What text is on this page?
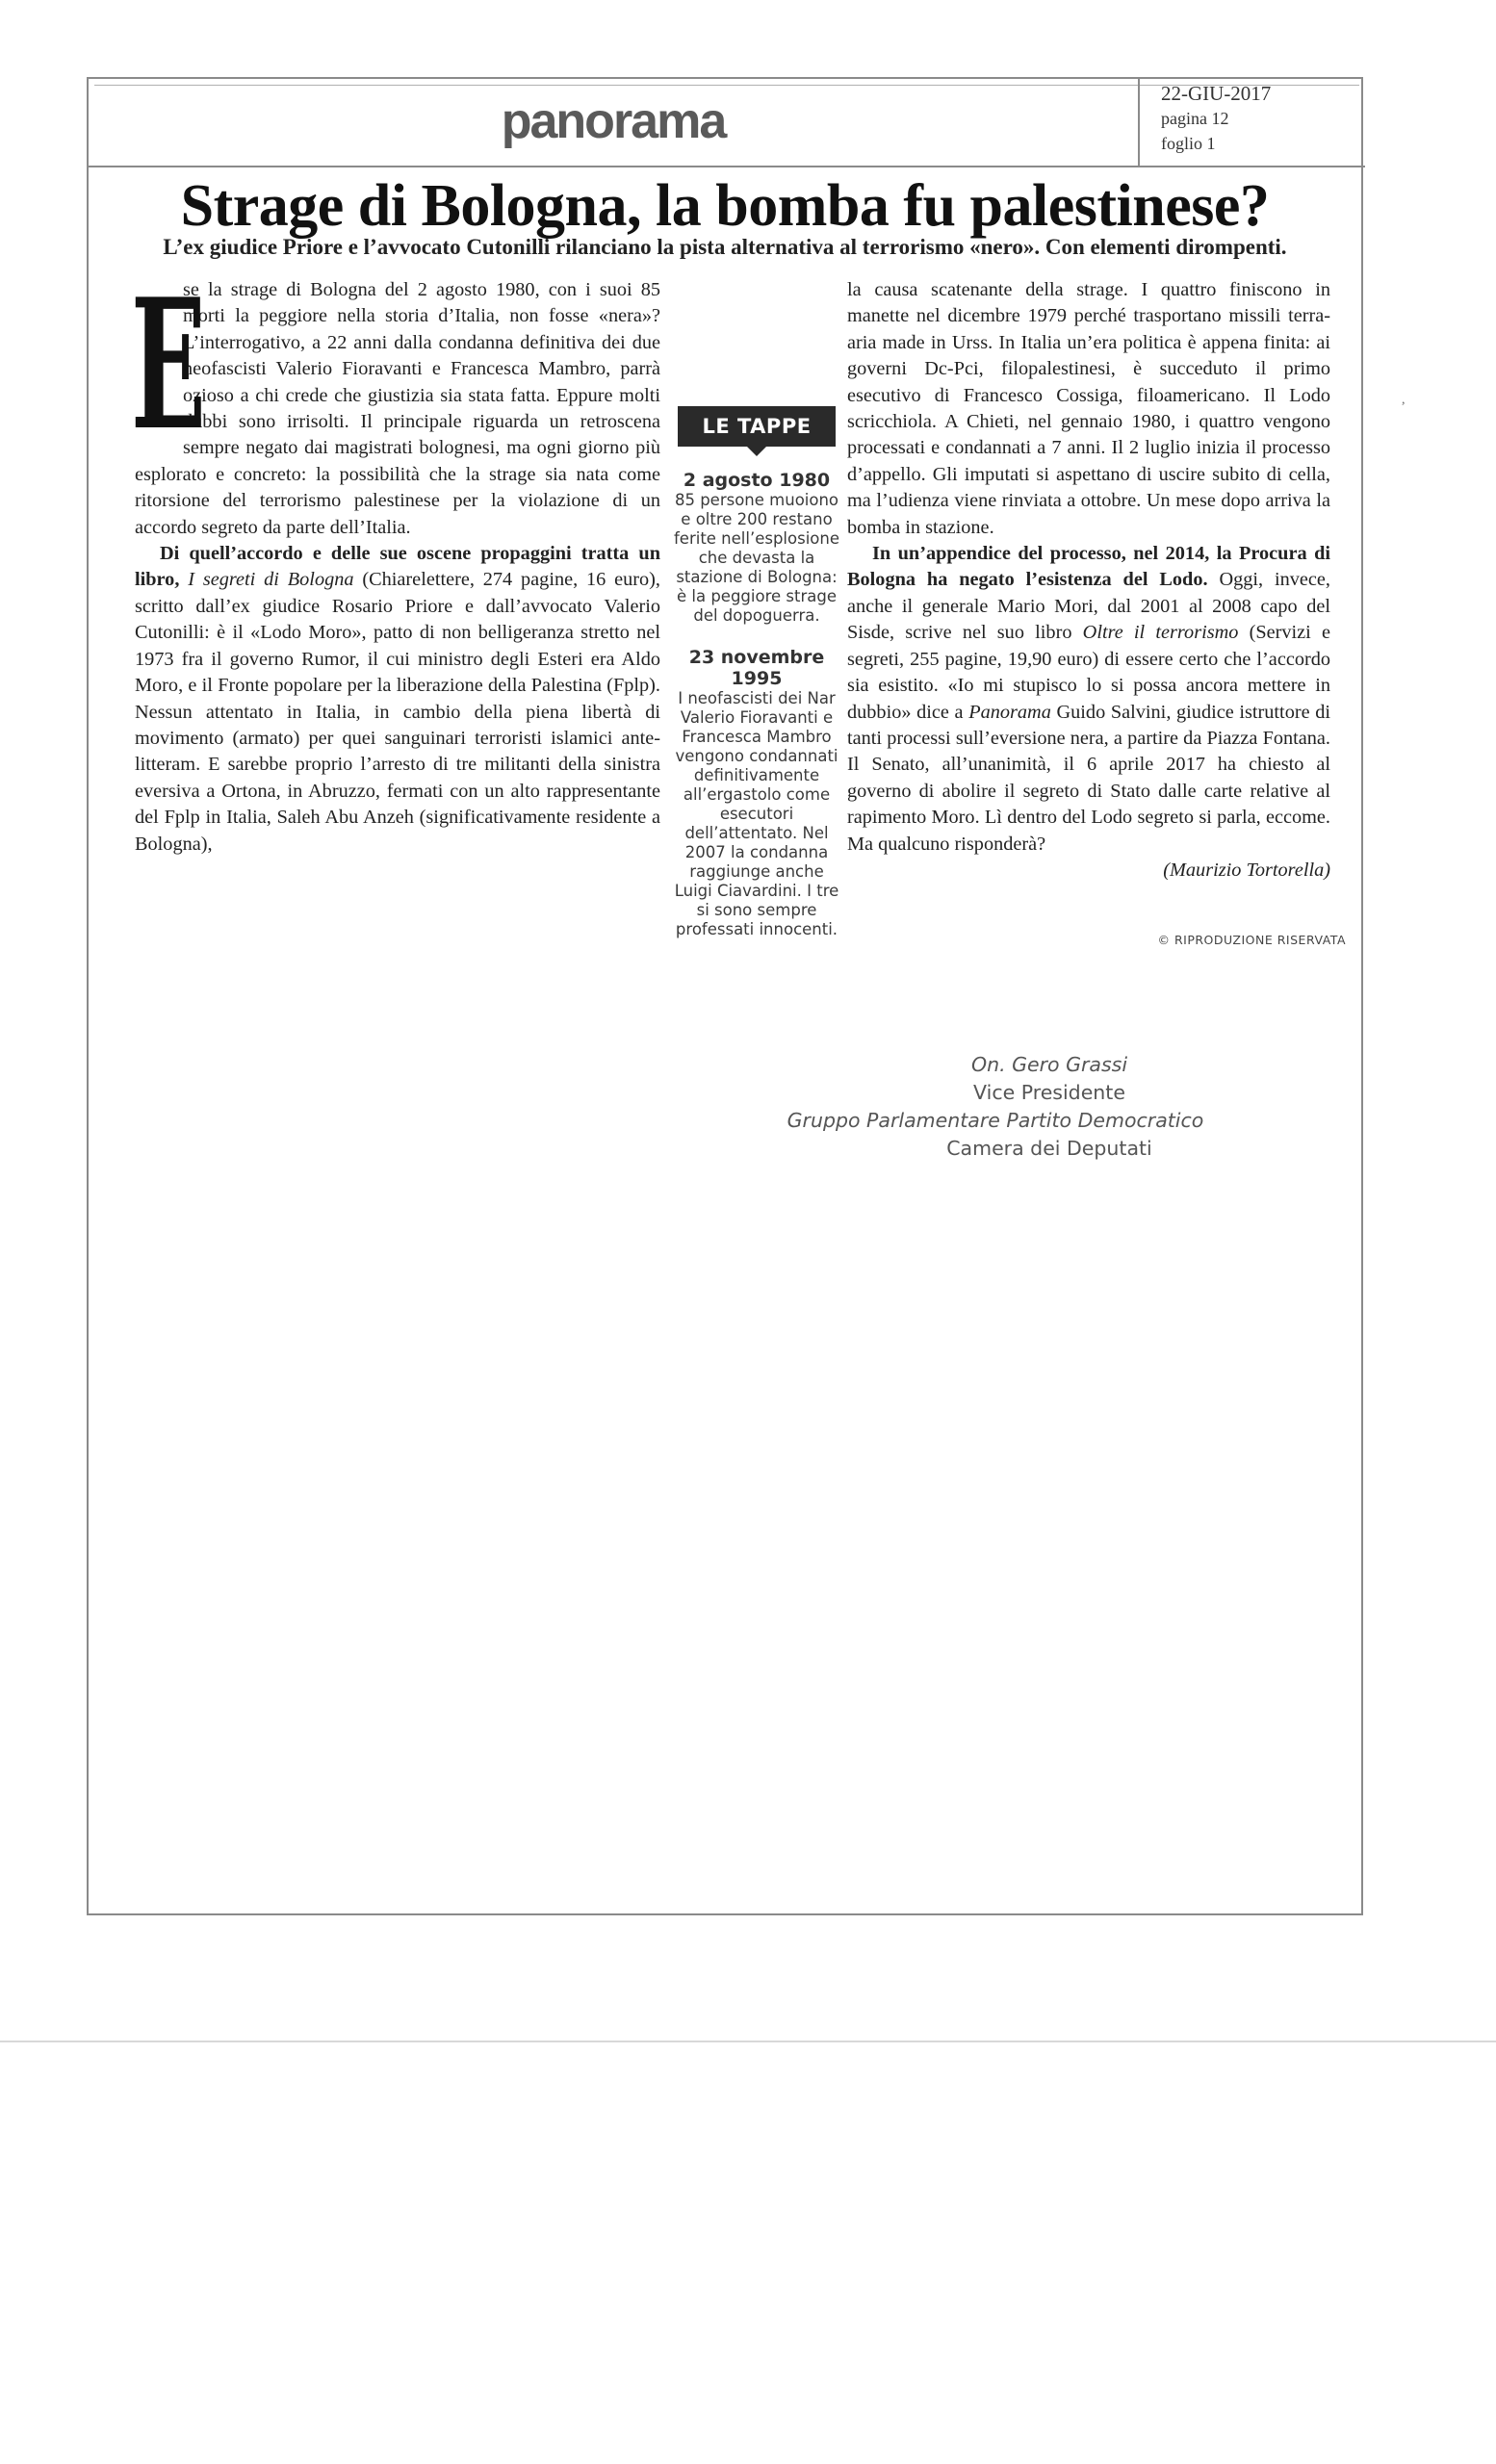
panorama	22-GIU-2017
pagina 12
foglio 1
Strage di Bologna, la bomba fu palestinese?
L’ex giudice Priore e l’avvocato Cutonilli rilanciano la pista alternativa al terrorismo «nero». Con elementi dirompenti.
E

se la strage di Bologna del 2 agosto 1980, con i suoi 85 morti la peggiore nella storia d’Italia, non fosse «nera»? L’interrogativo, a 22 anni dalla condanna definitiva dei due neofascisti Valerio Fioravanti e Francesca Mambro, parrà ozioso a chi crede che giustizia sia stata fatta. Eppure molti dubbi sono irrisolti. Il principale riguarda un retroscena sempre negato dai magistrati bolognesi, ma ogni giorno più esplorato e concreto: la possibilità che la strage sia nata come ritorsione del terrorismo palestinese per la violazione di un accordo segreto da parte dell’Italia.

Di quell’accordo e delle sue oscene propaggini tratta un libro, I segreti di Bologna (Chiarelettere, 274 pagine, 16 euro), scritto dall’ex giudice Rosario Priore e dall’avvocato Valerio Cutonilli: è il «Lodo Moro», patto di non belligeranza stretto nel 1973 fra il governo Rumor, il cui ministro degli Esteri era Aldo Moro, e il Fronte popolare per la liberazione della Palestina (Fplp). Nessun attentato in Italia, in cambio della piena libertà di movimento (armato) per quei sanguinari terroristi islamici ante-litteram. E sarebbe proprio l’arresto di tre militanti della sinistra eversiva a Ortona, in Abruzzo, fermati con un alto rappresentante del Fplp in Italia, Saleh Abu Anzeh (significativamente residente a Bologna),

LE TAPPE
2 agosto 1980
85 persone muoiono e oltre 200 restano ferite nell’esplosione che devasta la stazione di Bologna: è la peggiore strage del dopoguerra.
23 novembre 1995
I neofascisti dei Nar Valerio Fioravanti e Francesca Mambro vengono condannati definitivamente all’ergastolo come esecutori dell’attentato. Nel 2007 la condanna raggiunge anche Luigi Ciavardini. I tre si sono sempre professati innocenti.

la causa scatenante della strage. I quattro finiscono in manette nel dicembre 1979 perché trasportano missili terra-aria made in Urss. In Italia un’era politica è appena finita: ai governi Dc-Pci, filopalestinesi, è succeduto il primo esecutivo di Francesco Cossiga, filoamericano. Il Lodo scricchiola. A Chieti, nel gennaio 1980, i quattro vengono processati e condannati a 7 anni. Il 2 luglio inizia il processo d’appello. Gli imputati si aspettano di uscire subito di cella, ma l’udienza viene rinviata a ottobre. Un mese dopo arriva la bomba in stazione.

In un’appendice del processo, nel 2014, la Procura di Bologna ha negato l’esistenza del Lodo. Oggi, invece, anche il generale Mario Mori, dal 2001 al 2008 capo del Sisde, scrive nel suo libro Oltre il terrorismo (Servizi e segreti, 255 pagine, 19,90 euro) di essere certo che l’accordo sia esistito. «Io mi stupisco lo si possa ancora mettere in dubbio» dice a Panorama Guido Salvini, giudice istruttore di tanti processi sull’eversione nera, a partire da Piazza Fontana. Il Senato, all’unanimità, il 6 aprile 2017 ha chiesto al governo di abolire il segreto di Stato dalle carte relative al rapimento Moro. Lì dentro del Lodo segreto si parla, eccome. Ma qualcuno risponderà?

(Maurizio Tortorella)

© RIPRODUZIONE RISERVATA
On. Gero Grassi
Vice Presidente
Gruppo Parlamentare Partito Democratico
Camera dei Deputati
,
